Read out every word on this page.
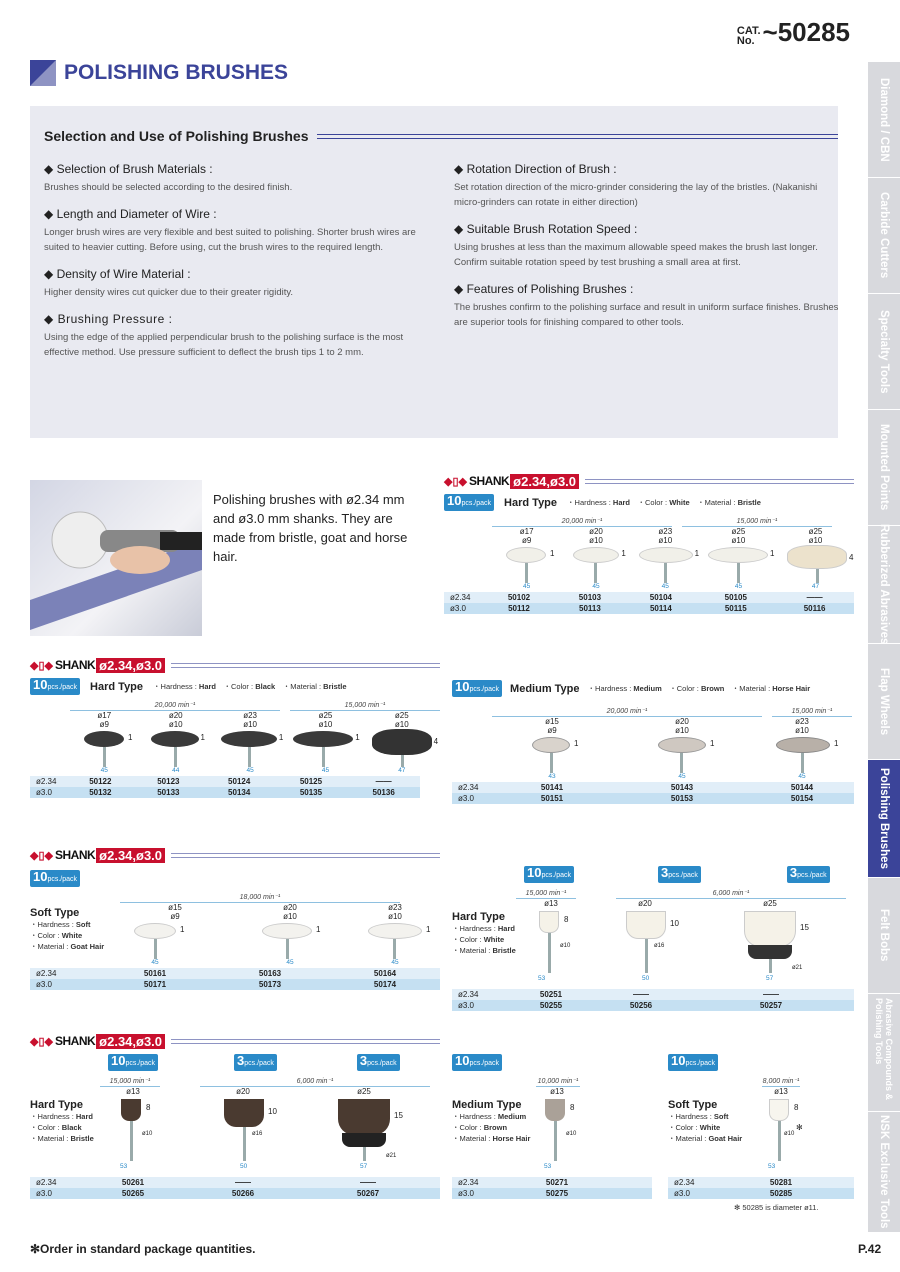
CAT.
No. ~50285
POLISHING BRUSHES
Selection and Use of Polishing Brushes
◆ Selection of Brush Materials :
Brushes should be selected according to the desired finish.
◆ Length and Diameter of Wire :
Longer brush wires are very flexible and best suited to polishing. Shorter brush wires are suited to heavier cutting. Before using, cut the brush wires to the required length.
◆ Density of Wire Material :
Higher density wires cut quicker due to their greater rigidity.
◆ Brushing Pressure :
Using the edge of the applied perpendicular brush to the polishing surface is the most effective method. Use pressure sufficient to deflect the brush tips 1 to 2 mm.
◆ Rotation Direction of Brush :
Set rotation direction of the micro-grinder considering the lay of the bristles. (Nakanishi micro-grinders can rotate in either direction)
◆ Suitable Brush Rotation Speed :
Using brushes at less than the maximum allowable speed makes the brush last longer. Confirm suitable rotation speed by test brushing a small area at first.
◆ Features of Polishing Brushes :
The brushes confirm to the polishing surface and result in uniform surface finishes. Brushes are superior tools for finishing compared to other tools.
Diamond / CBN
Carbide Cutters
Specialty Tools
Mounted Points
Rubberized Abrasives
Flap Wheels
Polishing Brushes
Felt Bobs
Abrasive Compounds & Polishing Tools
NSK Exclusive Tools
Polishing brushes with ø2.34 mm and ø3.0 mm shanks. They are made from bristle, goat and horse hair.
◆▯◆ SHANK ø2.34,ø3.0
10pcs./pack Hard Type ・Hardness : Hard　・Color : White　・Material : Bristle
20,000 min⁻¹	15,000 min⁻¹
ø17
ø9
1
45
ø20
ø10
1
45
ø23
ø10
1
45
ø25
ø10
1
45
ø25
ø10
4
47
ø2.34	50102	50103	50104	50105	——
ø3.0	50112	50113	50114	50115	50116
◆▯◆ SHANK ø2.34,ø3.0
10pcs./pack Hard Type ・Hardness : Hard　・Color : Black　・Material : Bristle
20,000 min⁻¹	15,000 min⁻¹
ø17
ø9
1
45
ø20
ø10
1
44
ø23
ø10
1
45
ø25
ø10
1
45
ø25
ø10
4
47
ø2.34	50122	50123	50124	50125	——
ø3.0	50132	50133	50134	50135	50136
10pcs./pack Medium Type ・Hardness : Medium　・Color : Brown　・Material : Horse Hair
20,000 min⁻¹	15,000 min⁻¹
ø15
ø9
1
43
ø20
ø10
1
45
ø23
ø10
1
45
ø2.34	50141	50143	50144
ø3.0	50151	50153	50154
◆▯◆ SHANK ø2.34,ø3.0
10pcs./pack
18,000 min⁻¹
Soft Type
・Hardness : Soft
・Color : White
・Material : Goat Hair
ø15
ø9
1
45
ø20
ø10
1
45
ø23
ø10
1
45
ø2.34	50161	50163	50164
ø3.0	50171	50173	50174
10pcs./pack	3pcs./pack	3pcs./pack
15,000 min⁻¹	6,000 min⁻¹
Hard Type
・Hardness : Hard
・Color : White
・Material : Bristle
ø13
8
ø10
53
ø20
10
ø16
50
ø25
15
ø21
57
ø2.34	50251	——	——
ø3.0	50255	50256	50257
◆▯◆ SHANK ø2.34,ø3.0
10pcs./pack	3pcs./pack	3pcs./pack
15,000 min⁻¹	6,000 min⁻¹
Hard Type
・Hardness : Hard
・Color : Black
・Material : Bristle
ø13
8
ø10
53
ø20
10
ø16
50
ø25
15
ø21
57
ø2.34	50261	——	——
ø3.0	50265	50266	50267
10pcs./pack
10,000 min⁻¹
Medium Type
・Hardness : Medium
・Color : Brown
・Material : Horse Hair
ø13
8
ø10
53
ø2.34	50271
ø3.0	50275
10pcs./pack
8,000 min⁻¹
Soft Type
・Hardness : Soft
・Color : White
・Material : Goat Hair
ø13
8
✻
ø10
53
ø2.34	50281
ø3.0	50285
✻ 50285 is diameter ø11.
✻Order in standard package quantities.	P.42
